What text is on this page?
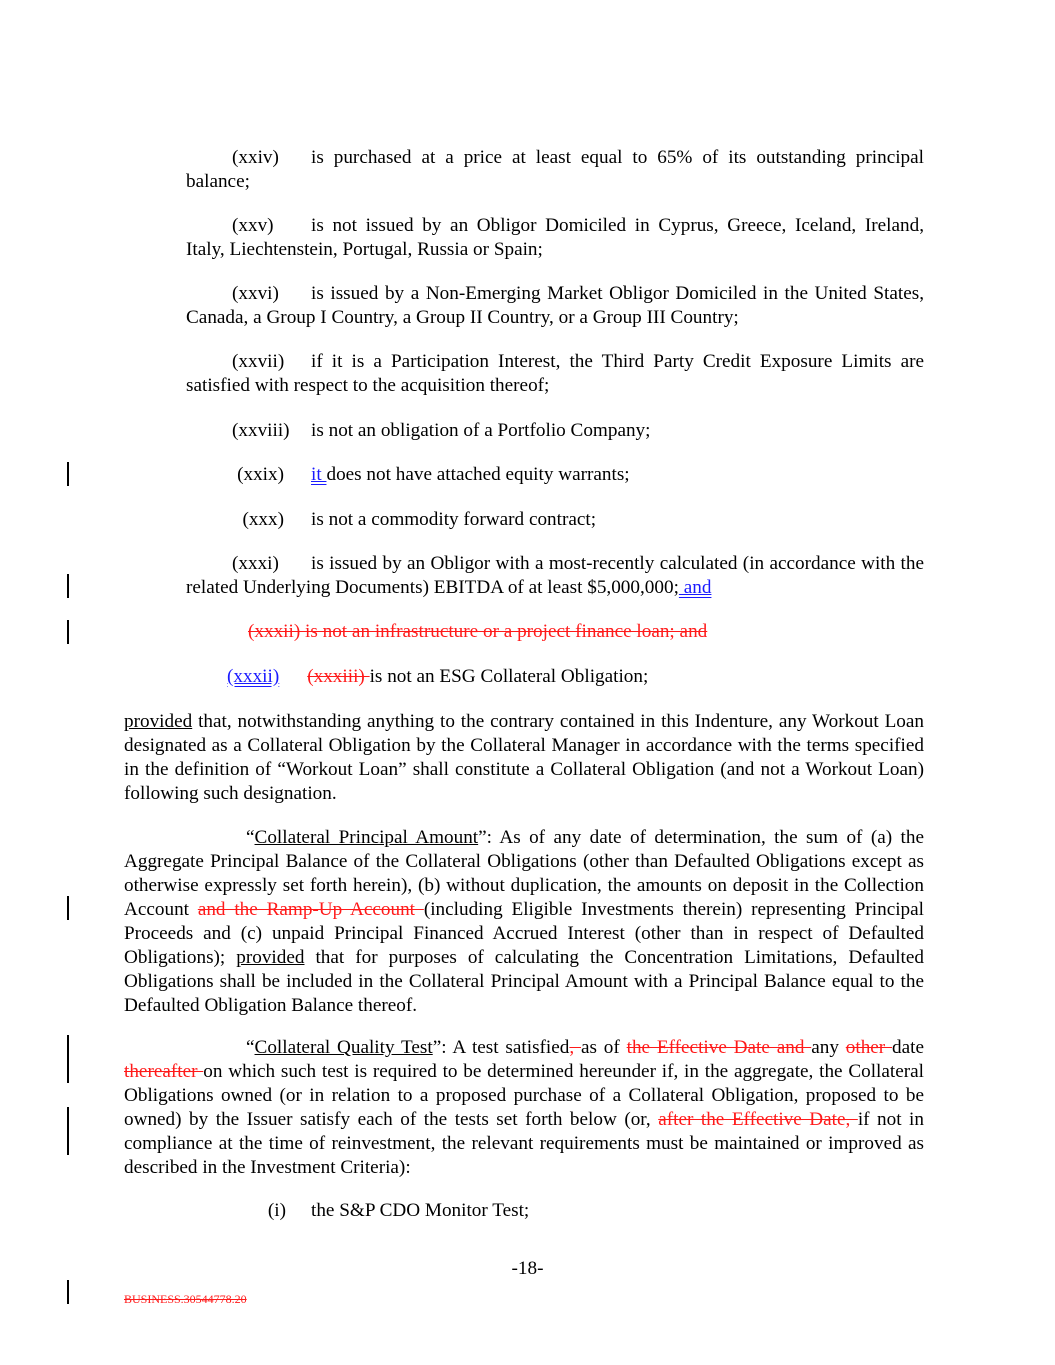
(xxiv) is purchased at a price at least equal to 65% of its outstanding principal balance;
(xxv) is not issued by an Obligor Domiciled in Cyprus, Greece, Iceland, Ireland, Italy, Liechtenstein, Portugal, Russia or Spain;
(xxvi) is issued by a Non-Emerging Market Obligor Domiciled in the United States, Canada, a Group I Country, a Group II Country, or a Group III Country;
(xxvii) if it is a Participation Interest, the Third Party Credit Exposure Limits are satisfied with respect to the acquisition thereof;
(xxviii) is not an obligation of a Portfolio Company;
(xxix) it does not have attached equity warrants;
(xxx) is not a commodity forward contract;
(xxxi) is issued by an Obligor with a most-recently calculated (in accordance with the related Underlying Documents) EBITDA of at least $5,000,000; and
(xxxii) is not an infrastructure or a project finance loan; and
(xxxii) (xxxiii) is not an ESG Collateral Obligation;
provided that, notwithstanding anything to the contrary contained in this Indenture, any Workout Loan designated as a Collateral Obligation by the Collateral Manager in accordance with the terms specified in the definition of “Workout Loan” shall constitute a Collateral Obligation (and not a Workout Loan) following such designation.
“Collateral Principal Amount”: As of any date of determination, the sum of (a) the Aggregate Principal Balance of the Collateral Obligations (other than Defaulted Obligations except as otherwise expressly set forth herein), (b) without duplication, the amounts on deposit in the Collection Account and the Ramp-Up Account (including Eligible Investments therein) representing Principal Proceeds and (c) unpaid Principal Financed Accrued Interest (other than in respect of Defaulted Obligations); provided that for purposes of calculating the Concentration Limitations, Defaulted Obligations shall be included in the Collateral Principal Amount with a Principal Balance equal to the Defaulted Obligation Balance thereof.
“Collateral Quality Test”: A test satisfied, as of the Effective Date and any other date thereafter on which such test is required to be determined hereunder if, in the aggregate, the Collateral Obligations owned (or in relation to a proposed purchase of a Collateral Obligation, proposed to be owned) by the Issuer satisfy each of the tests set forth below (or, after the Effective Date, if not in compliance at the time of reinvestment, the relevant requirements must be maintained or improved as described in the Investment Criteria):
(i) the S&P CDO Monitor Test;
-18-
BUSINESS.30544778.20
